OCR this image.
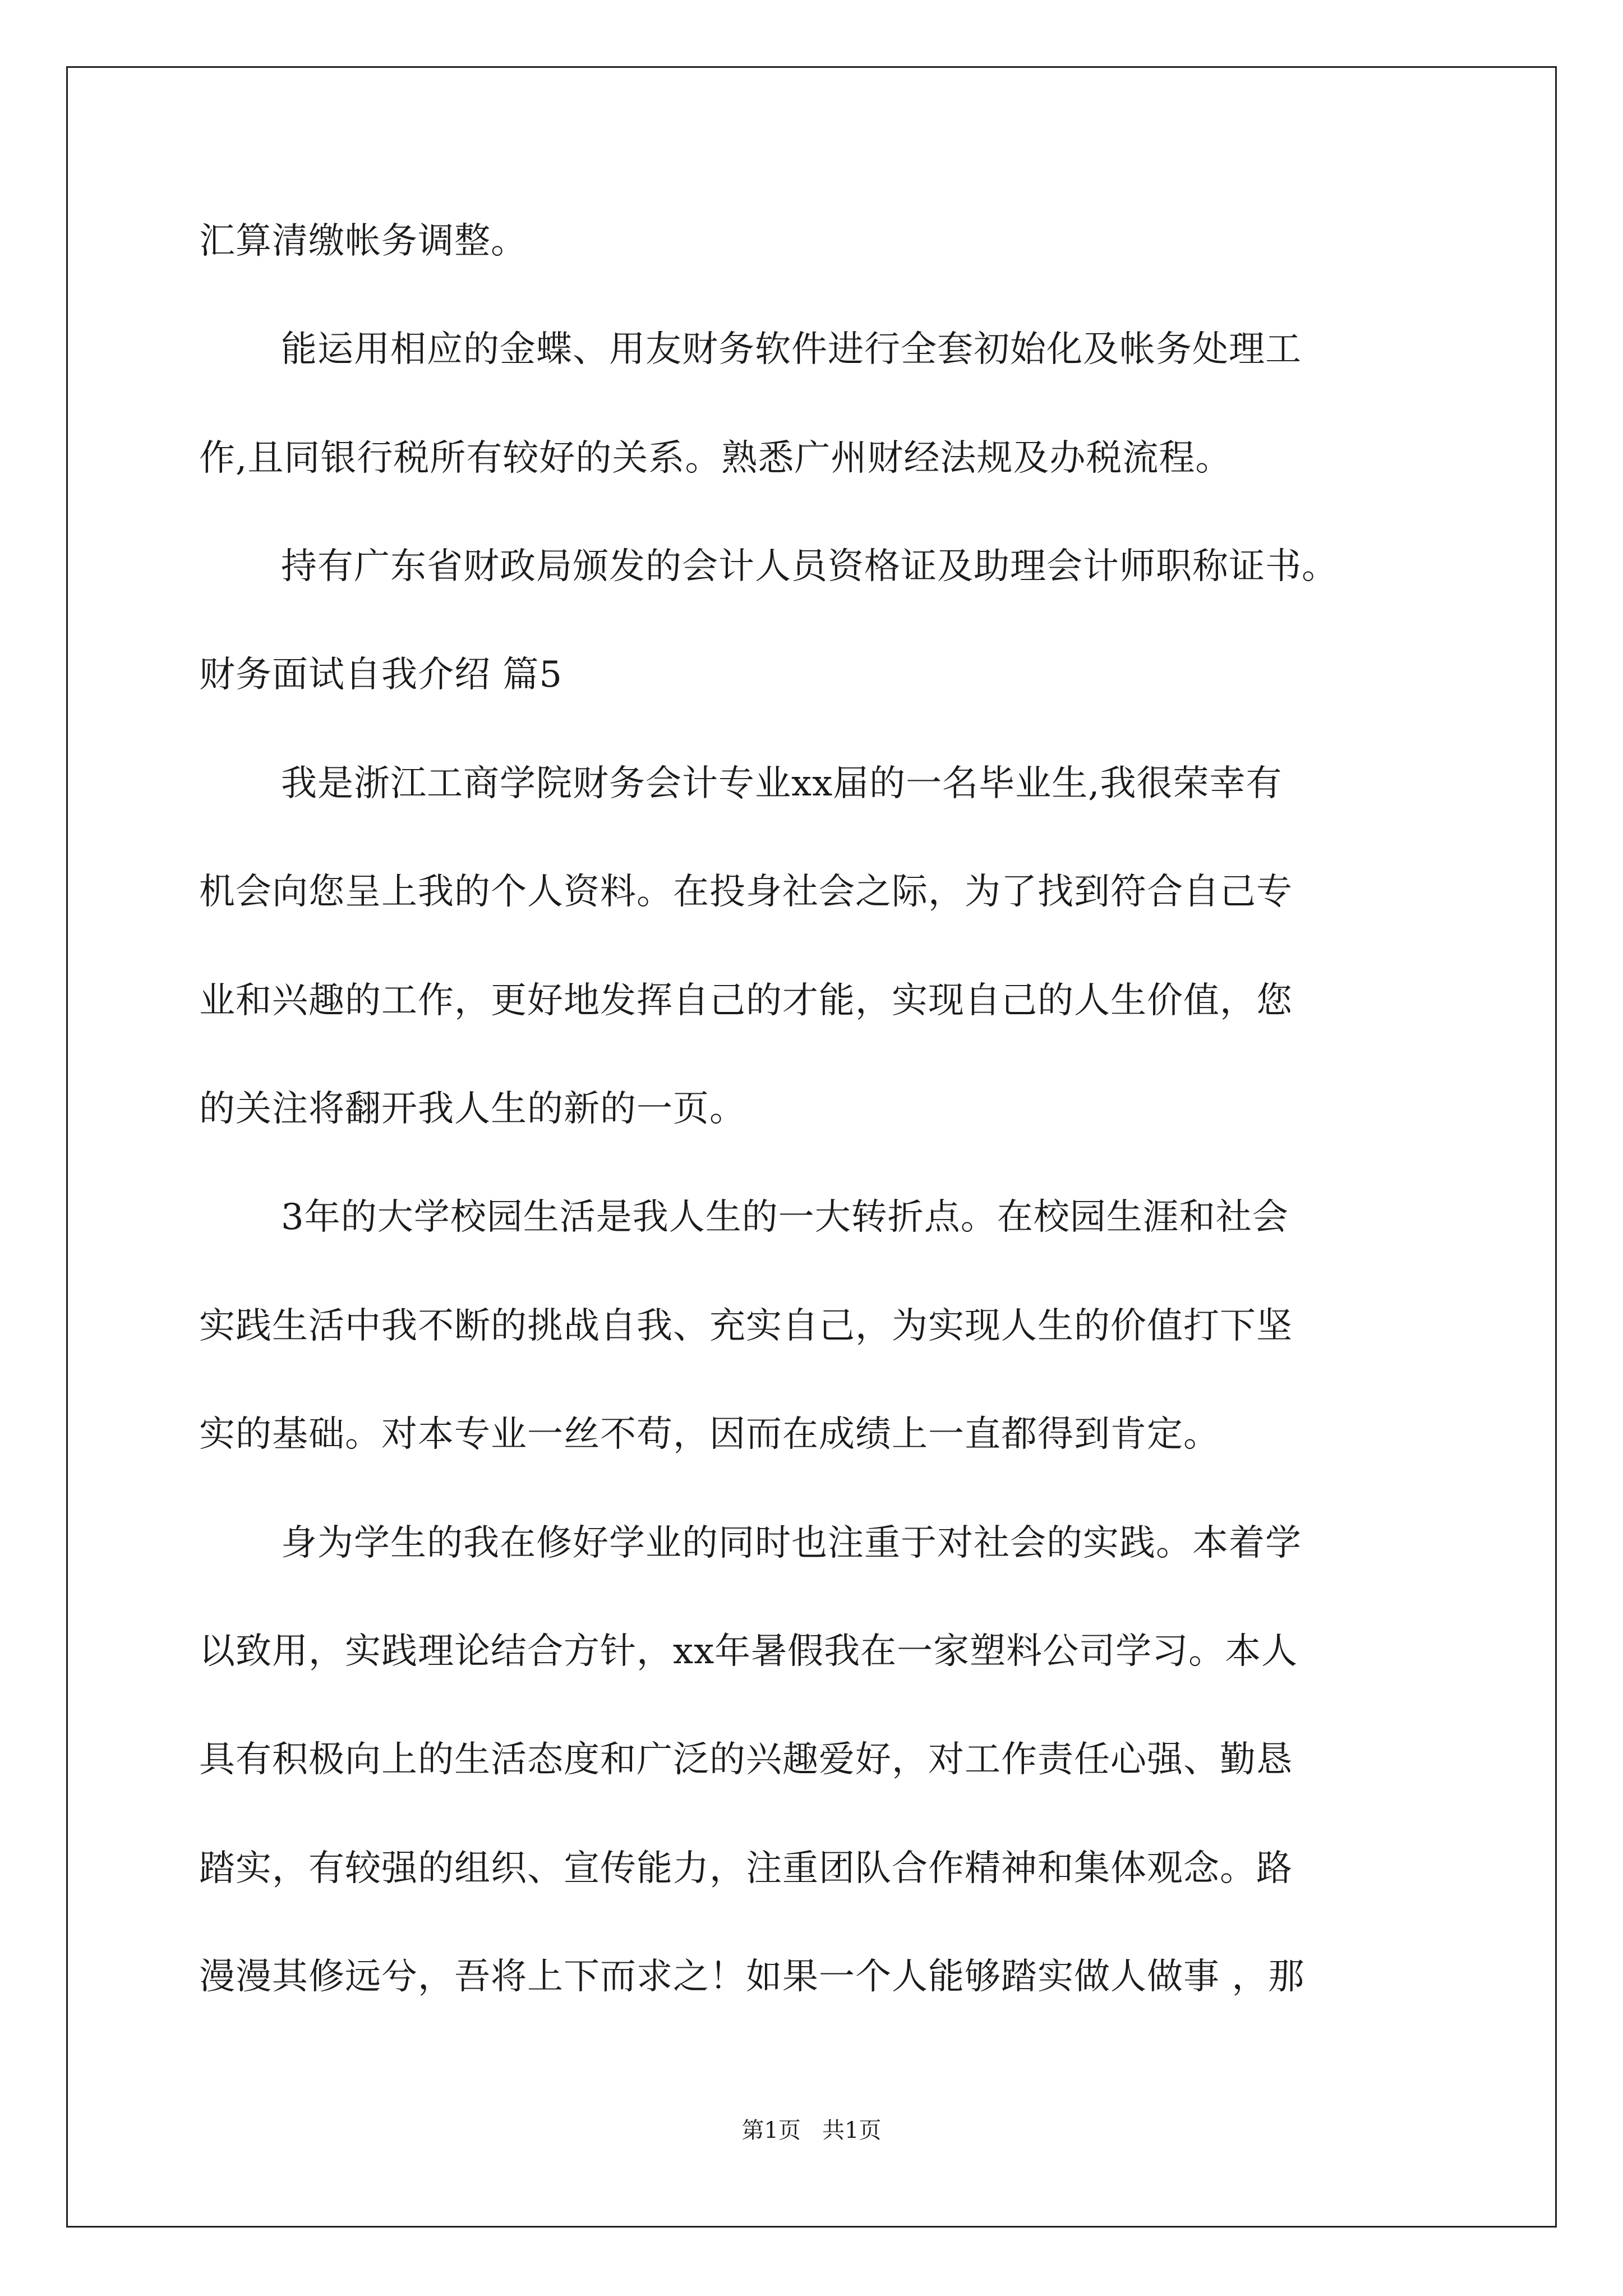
汇算清缴帐务调整。
能运用相应的金蝶、用友财务软件进行全套初始化及帐务处理工
作,且同银行税所有较好的关系。熟悉广州财经法规及办税流程。
持有广东省财政局颁发的会计人员资格证及助理会计师职称证书。
财务面试自我介绍 篇5
我是浙江工商学院财务会计专业xx届的一名毕业生,我很荣幸有
机会向您呈上我的个人资料。在投身社会之际，为了找到符合自己专
业和兴趣的工作，更好地发挥自己的才能，实现自己的人生价值，您
的关注将翻开我人生的新的一页。
3年的大学校园生活是我人生的一大转折点。在校园生涯和社会
实践生活中我不断的挑战自我、充实自己，为实现人生的价值打下坚
实的基础。对本专业一丝不苟，因而在成绩上一直都得到肯定。
身为学生的我在修好学业的同时也注重于对社会的实践。本着学
以致用，实践理论结合方针，xx年暑假我在一家塑料公司学习。本人
具有积极向上的生活态度和广泛的兴趣爱好，对工作责任心强、勤恳
踏实，有较强的组织、宣传能力，注重团队合作精神和集体观念。路
漫漫其修远兮，吾将上下而求之！如果一个人能够踏实做人做事 ，那
第1页   共1页
